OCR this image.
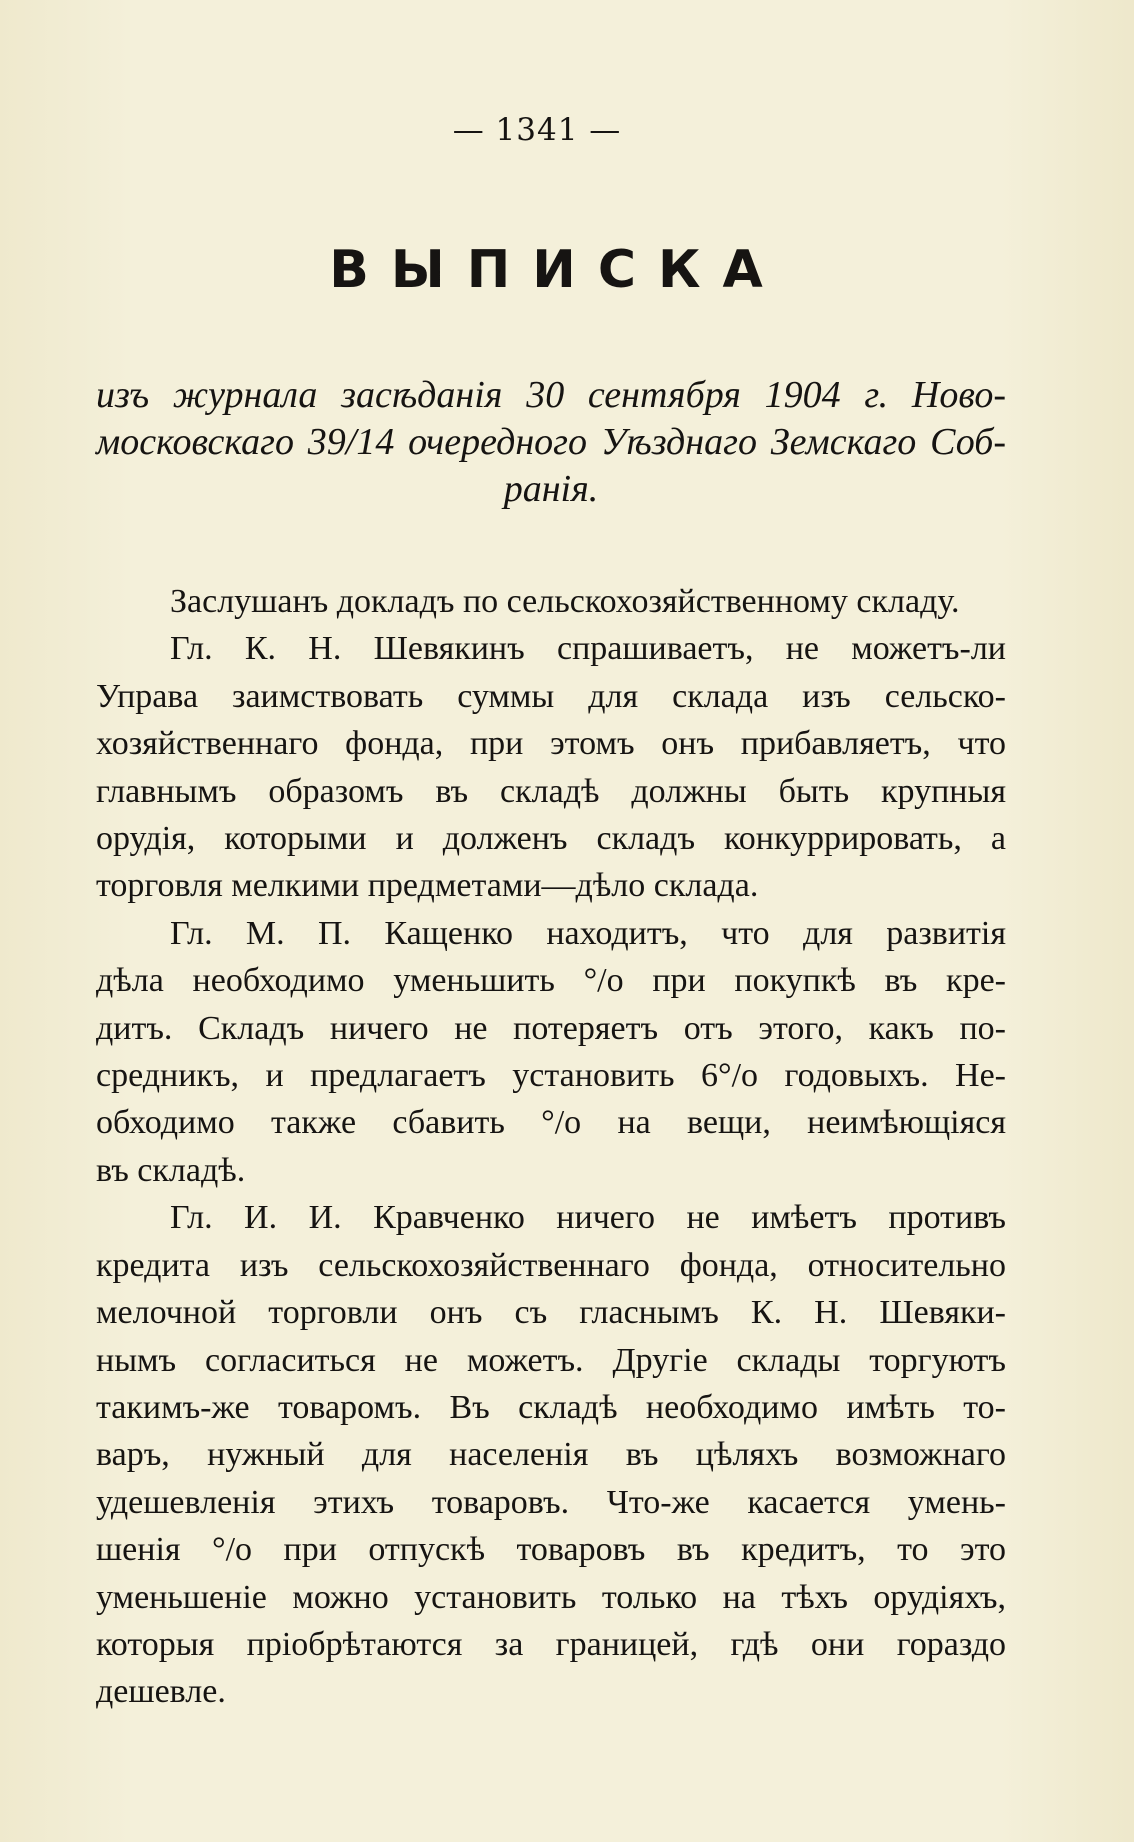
— 1341 —
ВЫПИСКА
изъ журнала засѣданія 30 сентября 1904 г. Ново-
московскаго 39/14 очередного Уѣзднаго Земскаго Соб-
ранія.
Заслушанъ докладъ по сельскохозяйственному складу.
Гл. К. Н. Шевякинъ спрашиваетъ, не можетъ-ли
Управа заимствовать суммы для склада изъ сельско-
хозяйственнаго фонда, при этомъ онъ прибавляетъ, что
главнымъ образомъ въ складѣ должны быть крупныя
орудія, которыми и долженъ складъ конкуррировать, а
торговля мелкими предметами—дѣло склада.
Гл. М. П. Кащенко находитъ, что для развитія
дѣла необходимо уменьшить °/о при покупкѣ въ кре-
дитъ. Складъ ничего не потеряетъ отъ этого, какъ по-
средникъ, и предлагаетъ установить 6°/о годовыхъ. Не-
обходимо также сбавить °/о на вещи, неимѣющіяся
въ складѣ.
Гл. И. И. Кравченко ничего не имѣетъ противъ
кредита изъ сельскохозяйственнаго фонда, относительно
мелочной торговли онъ съ гласнымъ К. Н. Шевяки-
нымъ согласиться не можетъ. Другіе склады торгуютъ
такимъ-же товаромъ. Въ складѣ необходимо имѣть то-
варъ, нужный для населенія въ цѣляхъ возможнаго
удешевленія этихъ товаровъ. Что-же касается умень-
шенія °/о при отпускѣ товаровъ въ кредитъ, то это
уменьшеніе можно установить только на тѣхъ орудіяхъ,
которыя пріобрѣтаются за границей, гдѣ они гораздо
дешевле.
